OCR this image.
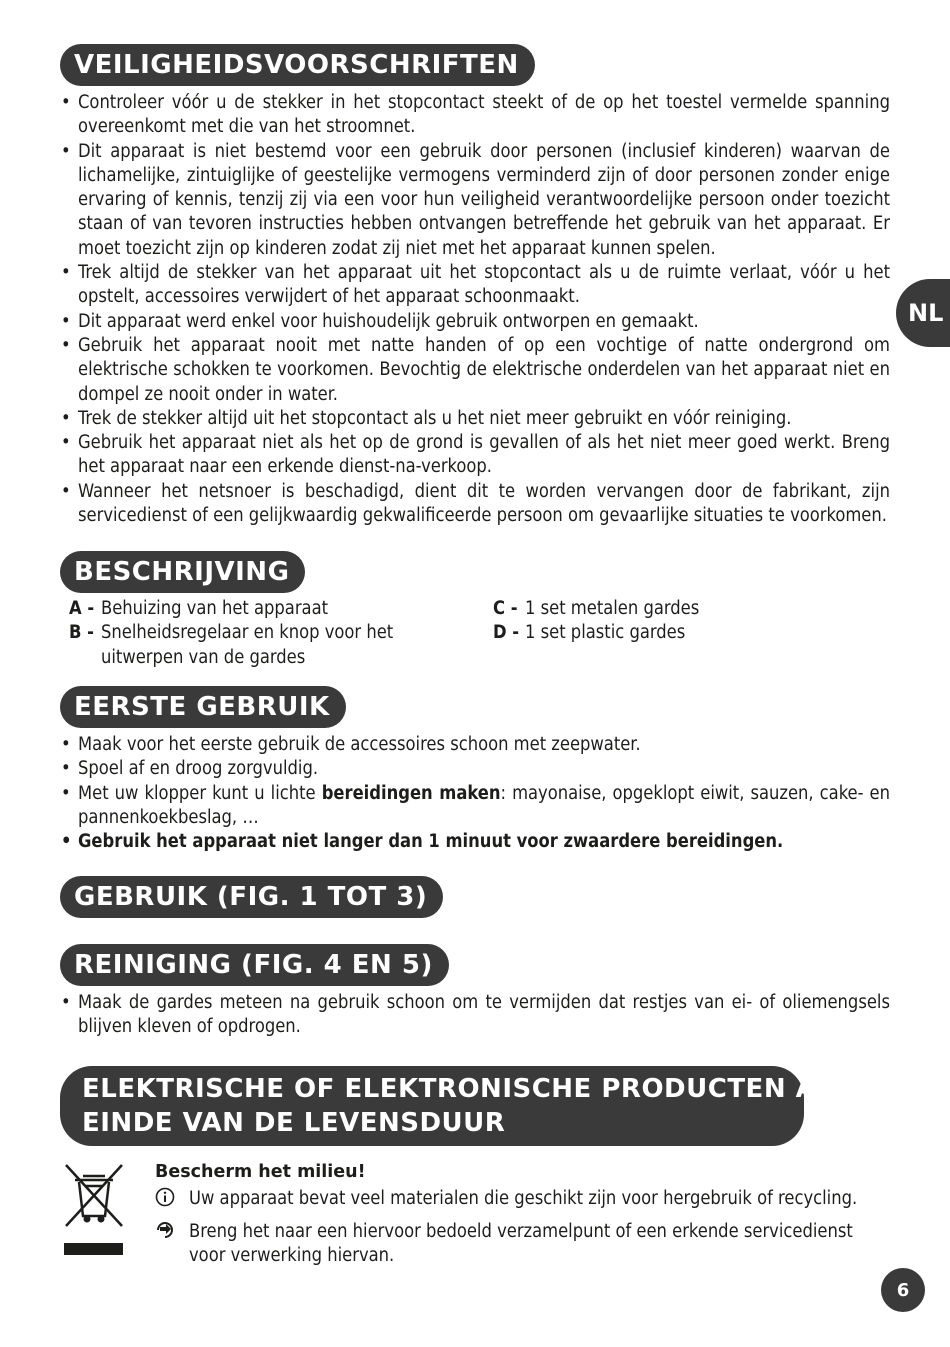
NL
VEILIGHEIDSVOORSCHRIFTEN
• Controleer vóór u de stekker in het stopcontact steekt of de op het toestel vermelde spanning overeenkomt met die van het stroomnet.
• Dit apparaat is niet bestemd voor een gebruik door personen (inclusief kinderen) waarvan de lichamelijke, zintuiglijke of geestelijke vermogens verminderd zijn of door personen zonder enige ervaring of kennis, tenzij zij via een voor hun veiligheid verantwoordelijke persoon onder toezicht staan of van tevoren instructies hebben ontvangen betreffende het gebruik van het apparaat. Er moet toezicht zijn op kinderen zodat zij niet met het apparaat kunnen spelen.
• Trek altijd de stekker van het apparaat uit het stopcontact als u de ruimte verlaat, vóór u het opstelt, accessoires verwijdert of het apparaat schoonmaakt.
• Dit apparaat werd enkel voor huishoudelijk gebruik ontworpen en gemaakt.
• Gebruik het apparaat nooit met natte handen of op een vochtige of natte ondergrond om elektrische schokken te voorkomen. Bevochtig de elektrische onderdelen van het apparaat niet en dompel ze nooit onder in water.
• Trek de stekker altijd uit het stopcontact als u het niet meer gebruikt en vóór reiniging.
• Gebruik het apparaat niet als het op de grond is gevallen of als het niet meer goed werkt. Breng het apparaat naar een erkende dienst-na-verkoop.
• Wanneer het netsnoer is beschadigd, dient dit te worden vervangen door de fabrikant, zijn servicedienst of een gelijkwaardig gekwalificeerde persoon om gevaarlijke situaties te voorkomen.
BESCHRIJVING
A - Behuizing van het apparaat
B - Snelheidsregelaar en knop voor het uitwerpen van de gardes
C - 1 set metalen gardes
D - 1 set plastic gardes
EERSTE GEBRUIK
• Maak voor het eerste gebruik de accessoires schoon met zeepwater.
• Spoel af en droog zorgvuldig.
• Met uw klopper kunt u lichte bereidingen maken: mayonaise, opgeklopt eiwit, sauzen, cake- en pannenkoekbeslag, …
• Gebruik het apparaat niet langer dan 1 minuut voor zwaardere bereidingen.
GEBRUIK (FIG. 1 TOT 3)
REINIGING (FIG. 4 EN 5)
• Maak de gardes meteen na gebruik schoon om te vermijden dat restjes van ei- of oliemengsels blijven kleven of opdrogen.
ELEKTRISCHE OF ELEKTRONISCHE PRODUCTEN AAN HET
EINDE VAN DE LEVENSDUUR
Bescherm het milieu!
Uw apparaat bevat veel materialen die geschikt zijn voor hergebruik of recycling.
Breng het naar een hiervoor bedoeld verzamelpunt of een erkende servicedienst voor verwerking hiervan.
6
